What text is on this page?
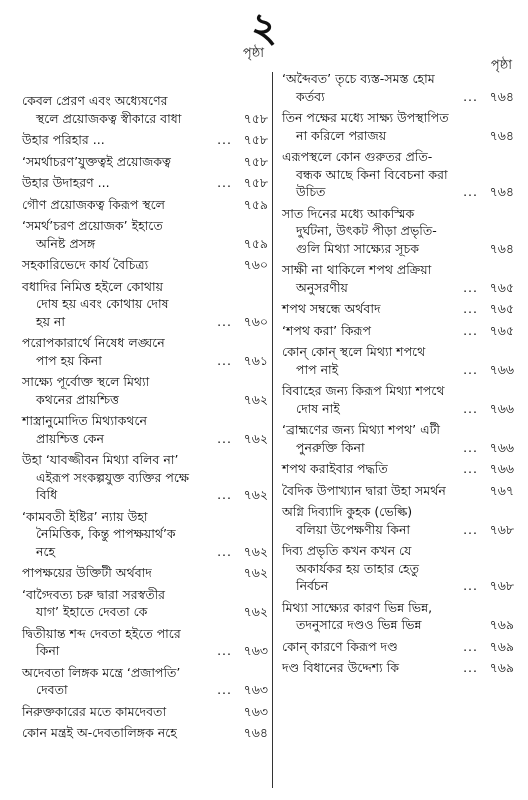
২
পৃষ্ঠা
কেবল প্রেরণ এবং অধ্যেষণের
স্থলে প্রয়োজকত্ব স্বীকারে বাধা	৭৫৮
উহার পরিহার ...	... ৭৫৮
‘সমর্থাচরণ’যুক্তত্বই প্রয়োজকত্ব	৭৫৮
উহার উদাহরণ ...	... ৭৫৮
গৌণ প্রয়োজকত্ব কিরূপ স্থলে	৭৫৯
‘সমর্থ’চরণ প্রয়োজক’ ইহাতে
অনিষ্ট প্রসঙ্গ	৭৫৯
সহকারিভেদে কার্য বৈচিত্র্য	৭৬০
বধাদির নিমিত্ত হইলে কোথায়
দোষ হয় এবং কোথায় দোষ
হয় না	... ৭৬০
পরোপকারার্থে নিষেধ লঙ্ঘনে
পাপ হয় কিনা	... ৭৬১
সাক্ষ্যে পূর্বোক্ত স্থলে মিথ্যা
কথনের প্রায়শ্চিত্ত	৭৬২
শাস্ত্রানুমোদিত মিথ্যাকথনে
প্রায়শ্চিত্ত কেন	... ৭৬২
উহা ‘যাবজ্জীবন মিথ্যা বলিব না’
এইরূপ সংকল্পযুক্ত ব্যক্তির পক্ষে
বিধি	... ৭৬২
‘কামবতী ইষ্টির’ ন্যায় উহা
নৈমিত্তিক, কিন্তু পাপক্ষয়ার্থ’ক
নহে	... ৭৬২
পাপক্ষয়ের উক্তিটী অর্থবাদ	৭৬২
‘বাগ্দৈবত্য চরু দ্বারা সরস্বতীর
যাগ’ ইহাতে দেবতা কে	৭৬২
দ্বিতীয়ান্ত শব্দ দেবতা হইতে পারে
কিনা	... ৭৬৩
অদেবতা লিঙ্গক মন্ত্রে ‘প্রজাপতি’
দেবতা	... ৭৬৩
নিরুক্তকারের মতে কামদেবতা	৭৬৩
কোন মন্ত্রই অ-দেবতালিঙ্গক নহে	৭৬৪
পৃষ্ঠা
‘অব্দৈবত’ তৃচে ব্যস্ত-সমস্ত হোম
কর্তব্য	... ৭৬৪
তিন পক্ষের মধ্যে সাক্ষ্য উপস্থাপিত
না করিলে পরাজয়	৭৬৪
এরূপস্থলে কোন গুরুতর প্রতি-
বন্ধক আছে কিনা বিবেচনা করা
উচিত	... ৭৬৪
সাত দিনের মধ্যে আকস্মিক
দুর্ঘটনা, উৎকট পীড়া প্রভৃতি-
গুলি মিথ্যা সাক্ষ্যের সূচক	৭৬৪
সাক্ষী না থাকিলে শপথ প্রক্রিয়া
অনুসরণীয়	... ৭৬৫
শপথ সম্বন্ধে অর্থবাদ	... ৭৬৫
‘শপথ করা’ কিরূপ	... ৭৬৫
কোন্ কোন্ স্থলে মিথ্যা শপথে
পাপ নাই	... ৭৬৬
বিবাহের জন্য কিরূপ মিথ্যা শপথে
দোষ নাই	... ৭৬৬
‘ব্রাহ্মণের জন্য মিথ্যা শপথ’ এটী
পুনরুক্তি কিনা	... ৭৬৬
শপথ করাইবার পদ্ধতি	... ৭৬৬
বৈদিক উপাখ্যান দ্বারা উহা সমর্থন	৭৬৭
অগ্নি দিব্যাদি কুহক (ভেল্কি)
বলিয়া উপেক্ষণীয় কিনা	... ৭৬৮
দিব্য প্রভৃতি কখন কখন যে
অকার্যকর হয় তাহার হেতু
নির্বচন	... ৭৬৮
মিথ্যা সাক্ষ্যের কারণ ভিন্ন ভিন্ন,
তদনুসারে দণ্ডও ভিন্ন ভিন্ন	৭৬৯
কোন্ কারণে কিরূপ দণ্ড	... ৭৬৯
দণ্ড বিধানের উদ্দেশ্য কি	... ৭৬৯
